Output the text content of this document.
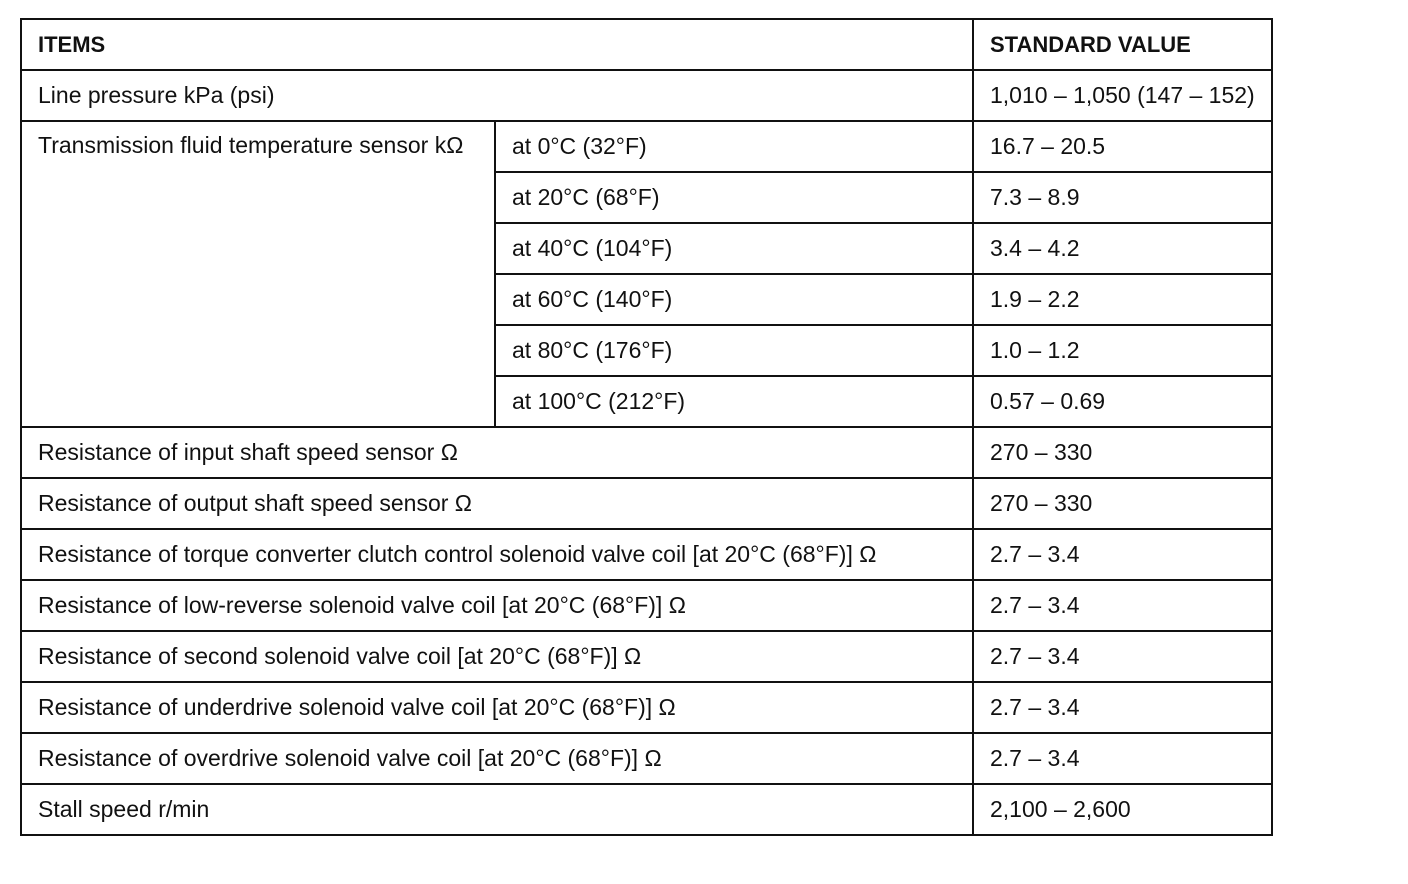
ITEMS		STANDARD VALUE
Line pressure kPa (psi)		1,010 – 1,050 (147 – 152)
Transmission fluid temperature sensor kΩ	at 0°C (32°F)	16.7 – 20.5
	at 20°C (68°F)	7.3 – 8.9
	at 40°C (104°F)	3.4 – 4.2
	at 60°C (140°F)	1.9 – 2.2
	at 80°C (176°F)	1.0 – 1.2
	at 100°C (212°F)	0.57 – 0.69
Resistance of input shaft speed sensor Ω		270 – 330
Resistance of output shaft speed sensor Ω		270 – 330
Resistance of torque converter clutch control solenoid valve coil [at 20°C (68°F)] Ω		2.7 – 3.4
Resistance of low-reverse solenoid valve coil [at 20°C (68°F)] Ω		2.7 – 3.4
Resistance of second solenoid valve coil [at 20°C (68°F)] Ω		2.7 – 3.4
Resistance of underdrive solenoid valve coil [at 20°C (68°F)] Ω		2.7 – 3.4
Resistance of overdrive solenoid valve coil [at 20°C (68°F)] Ω		2.7 – 3.4
Stall speed r/min		2,100 – 2,600
